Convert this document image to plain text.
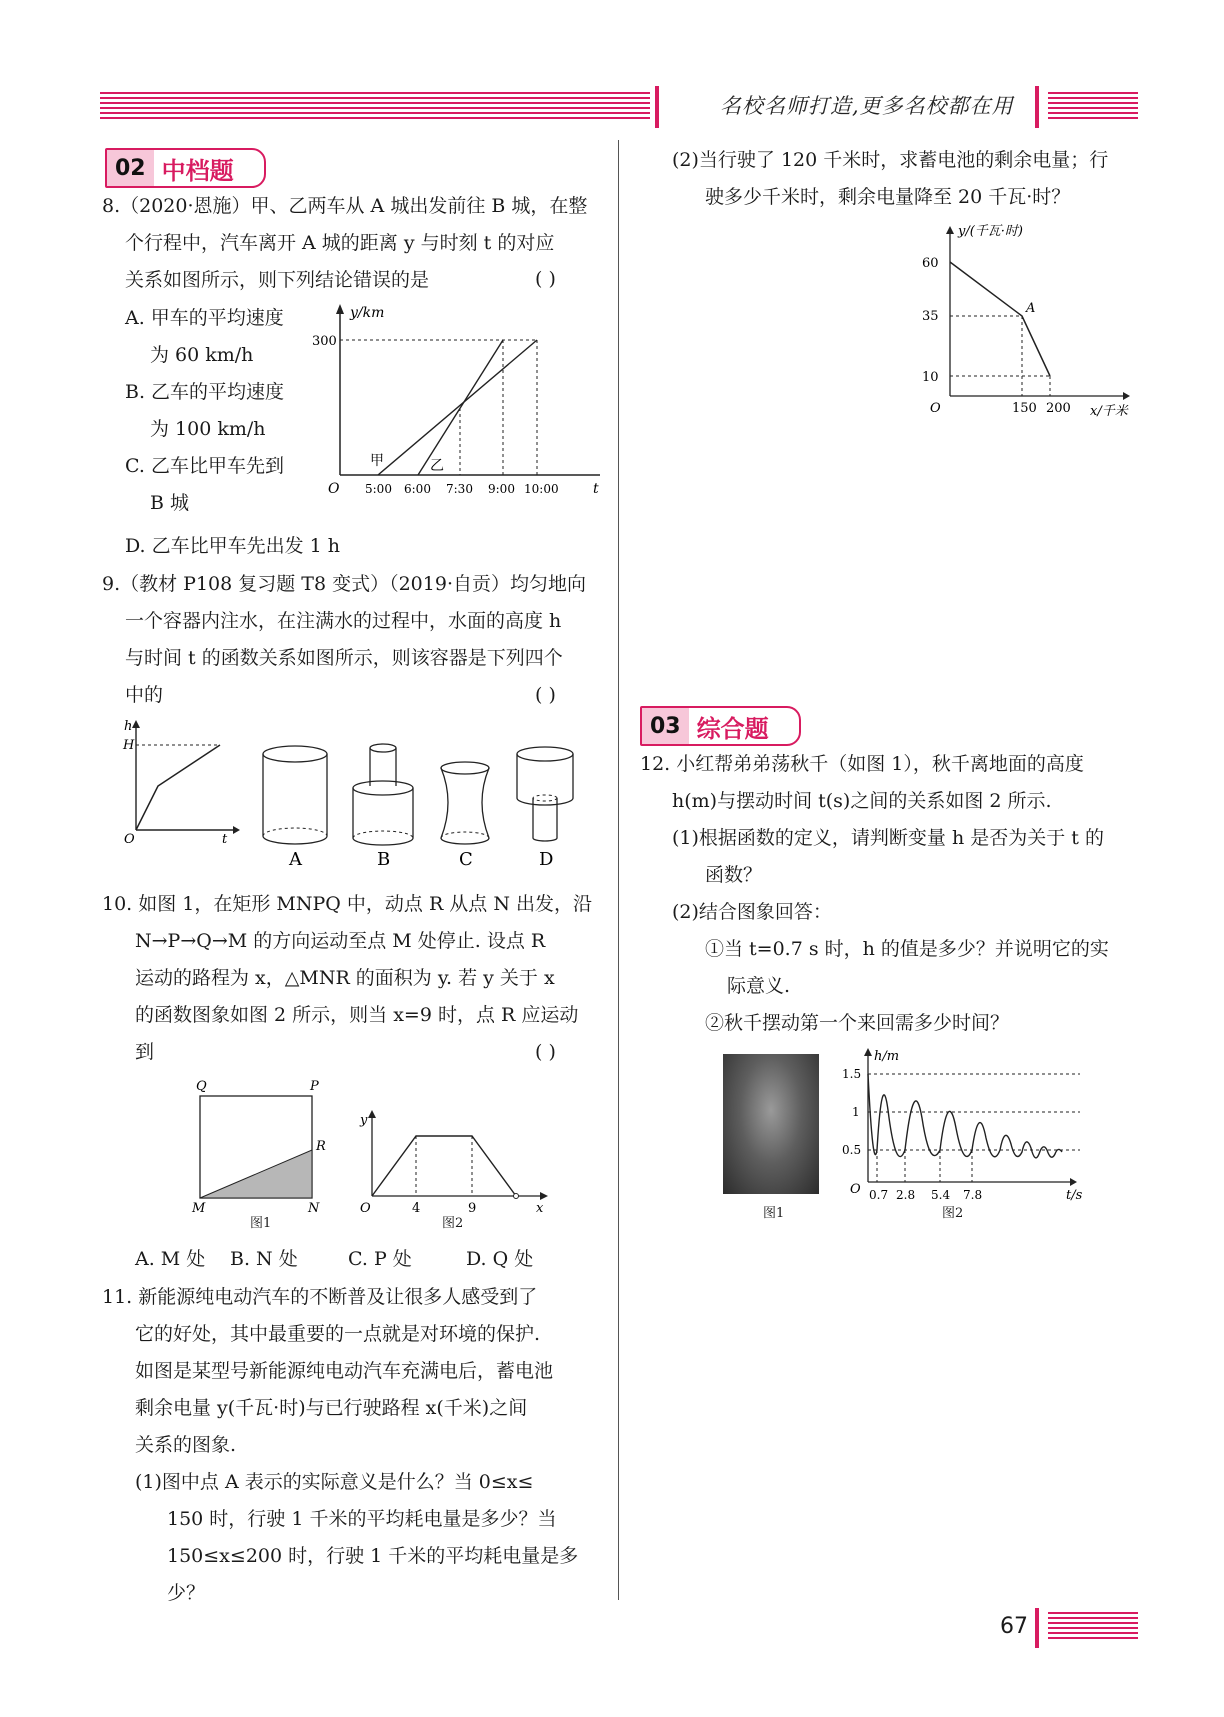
名校名师打造,更多名校都在用
02 中档题
8.（2020·恩施）甲、乙两车从 A 城出发前往 B 城，在整
个行程中，汽车离开 A 城的距离 y 与时刻 t 的对应
关系如图所示，则下列结论错误的是	( )
A. 甲车的平均速度
为 60 km/h
B. 乙车的平均速度
为 100 km/h
C. 乙车比甲车先到
B 城
D. 乙车比甲车先出发 1 h
y/km
t
O
300
甲	乙
5:00 6:00 7:30 9:00 10:00
9.（教材 P108 复习题 T8 变式）（2019·自贡）均匀地向
一个容器内注水，在注满水的过程中，水面的高度 h
与时间 t 的函数关系如图所示，则该容器是下列四个
中的	( )
h
H
O	t
A	B	C	D
10. 如图 1，在矩形 MNPQ 中，动点 R 从点 N 出发，沿
N→P→Q→M 的方向运动至点 M 处停止. 设点 R
运动的路程为 x，△MNR 的面积为 y. 若 y 关于 x
的函数图象如图 2 所示，则当 x=9 时，点 R 应运动
到	( )
Q	P
R
M	N
图1
y
O	x
4	9
图2
A. M 处 B. N 处	C. P 处	D. Q 处
11. 新能源纯电动汽车的不断普及让很多人感受到了
它的好处，其中最重要的一点就是对环境的保护.
如图是某型号新能源纯电动汽车充满电后，蓄电池
剩余电量 y(千瓦·时)与已行驶路程 x(千米)之间
关系的图象.
(1)图中点 A 表示的实际意义是什么？当 0≤x≤
150 时，行驶 1 千米的平均耗电量是多少？当
150≤x≤200 时，行驶 1 千米的平均耗电量是多
少？
(2)当行驶了 120 千米时，求蓄电池的剩余电量；行
驶多少千米时，剩余电量降至 20 千瓦·时？
y/(千瓦·时)
x/千米
O
60
35
10
150 200
A
03 综合题
12. 小红帮弟弟荡秋千（如图 1），秋千离地面的高度
h(m)与摆动时间 t(s)之间的关系如图 2 所示.
(1)根据函数的定义，请判断变量 h 是否为关于 t 的
函数？
(2)结合图象回答：
①当 t=0.7 s 时，h 的值是多少？并说明它的实
际意义.
②秋千摆动第一个来回需多少时间？
图1
h/m
t/s
O
1.5
1
0.5
0.7 2.8 5.4 7.8
图2
67
